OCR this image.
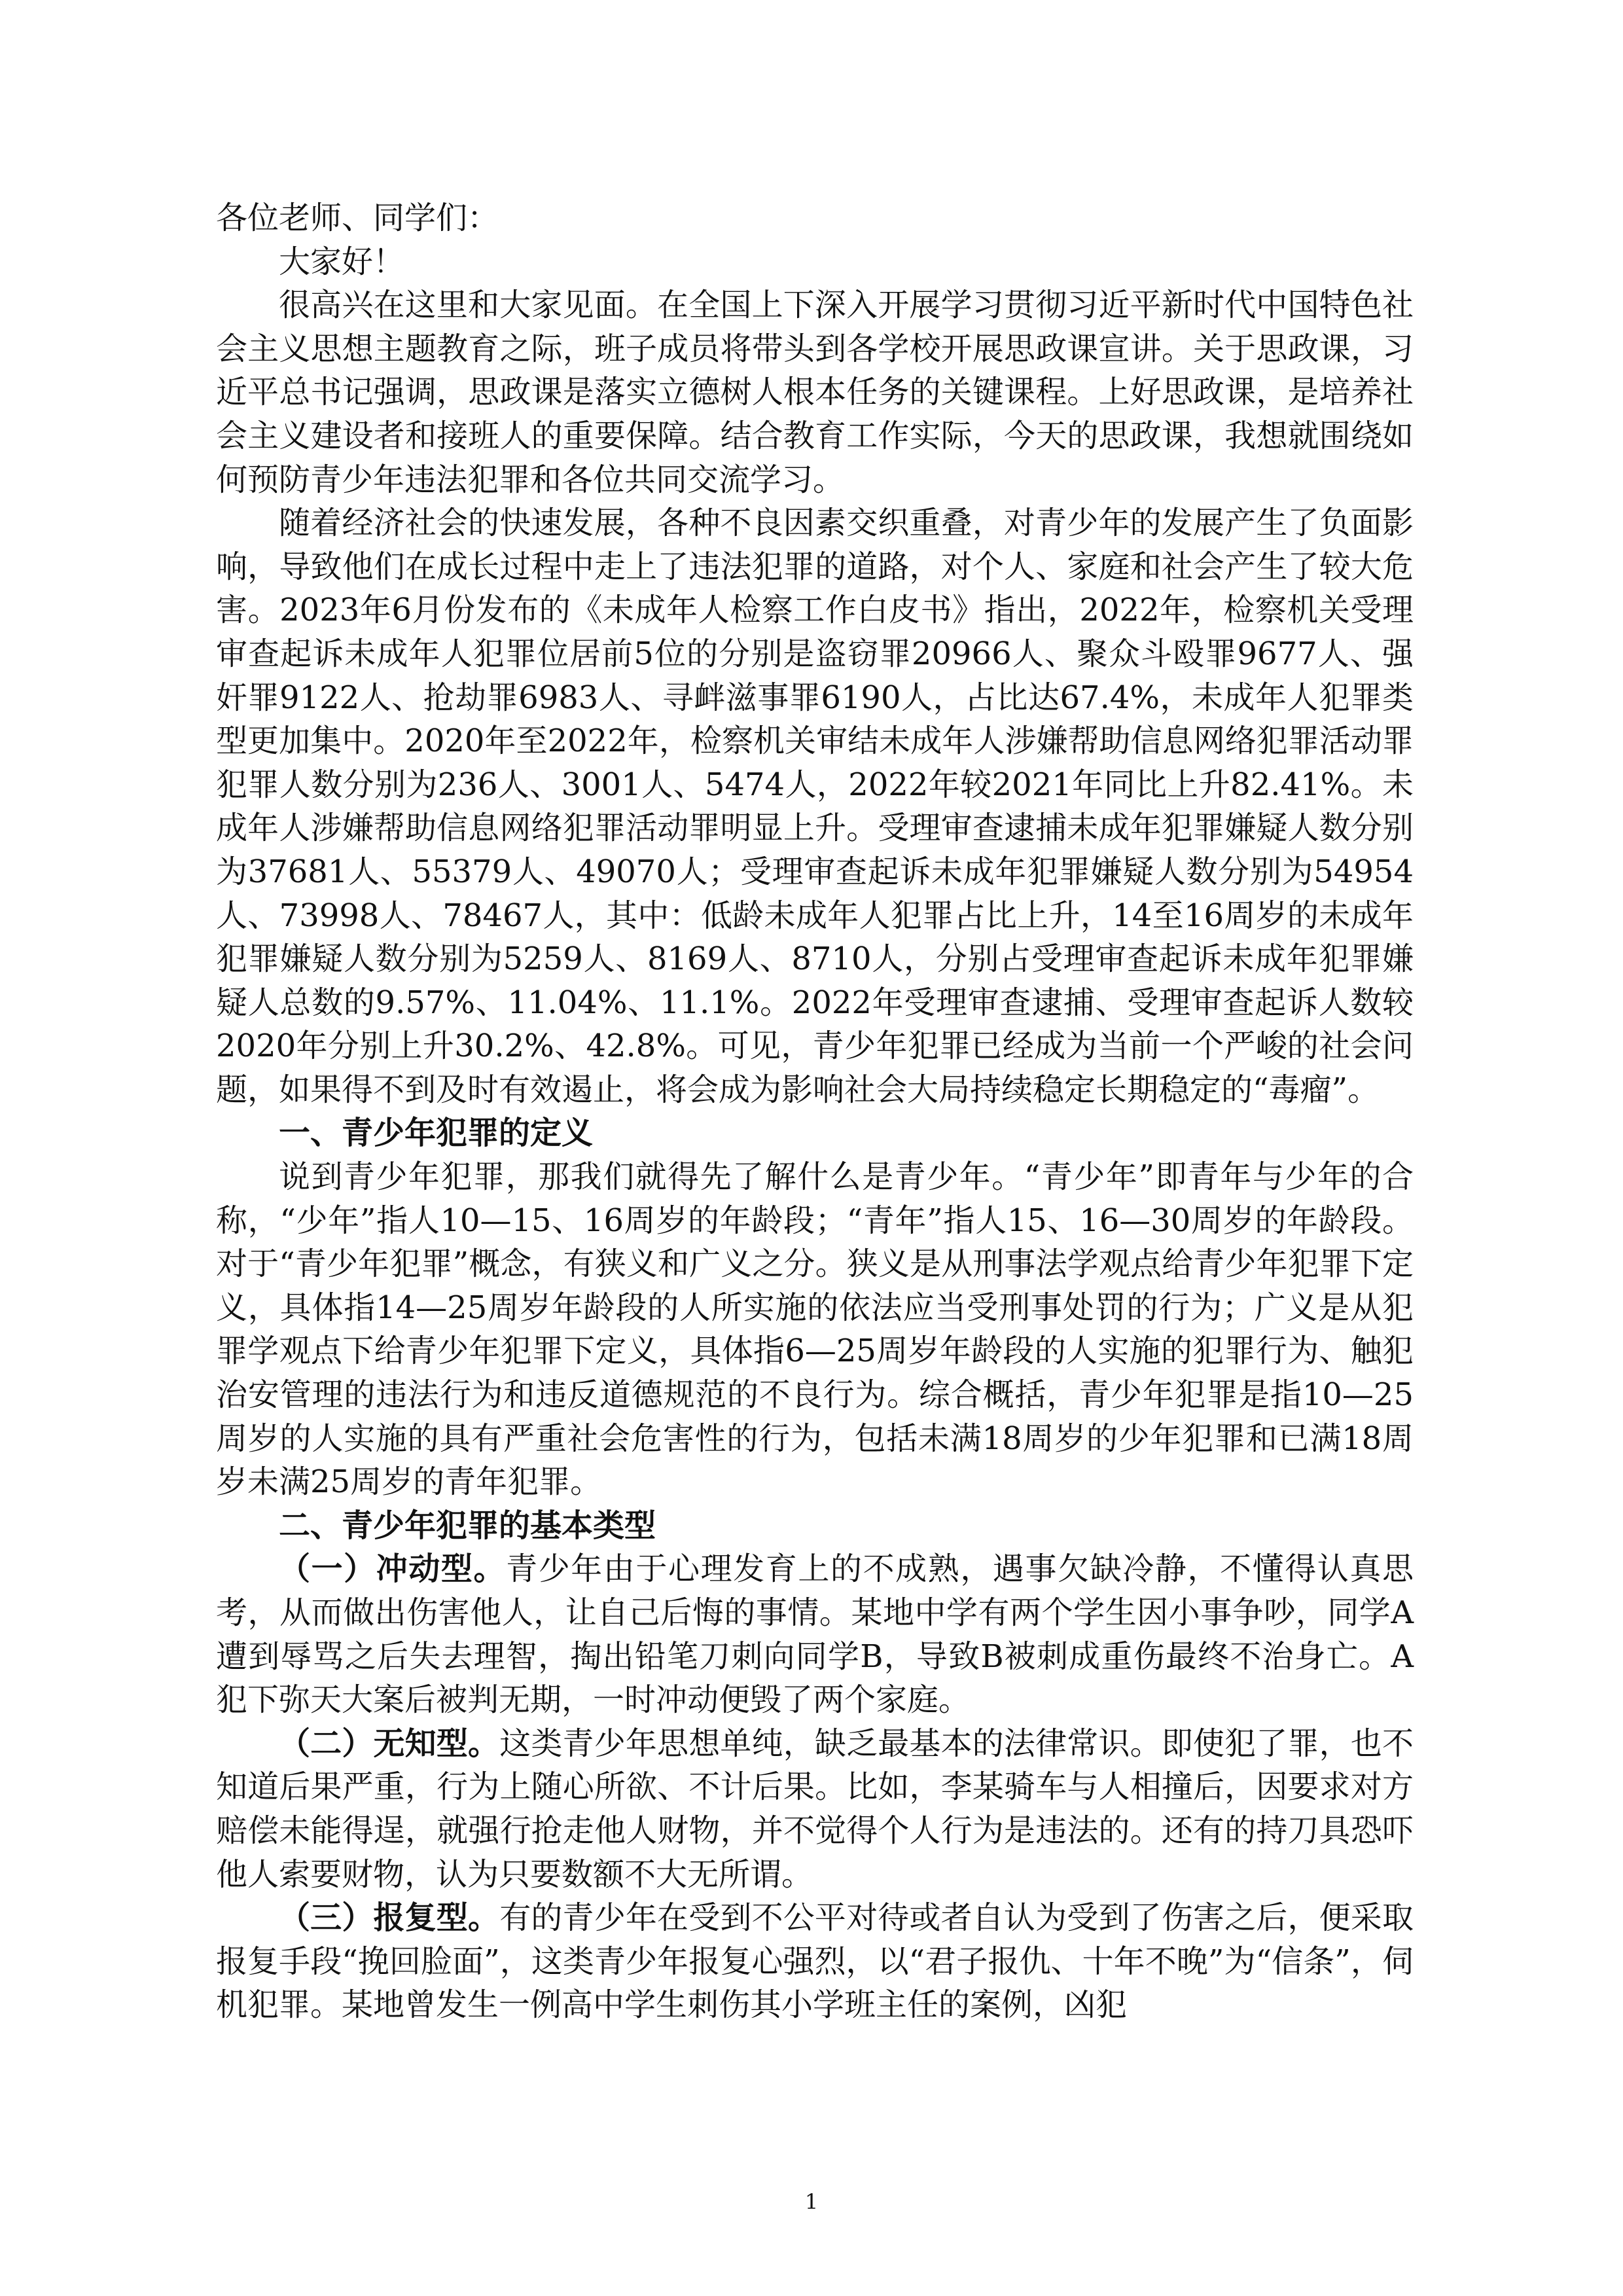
各位老师、同学们：

大家好！

很高兴在这里和大家见面。在全国上下深入开展学习贯彻习近平新时代中国特色社会主义思想主题教育之际，班子成员将带头到各学校开展思政课宣讲。关于思政课，习近平总书记强调，思政课是落实立德树人根本任务的关键课程。上好思政课，是培养社会主义建设者和接班人的重要保障。结合教育工作实际，今天的思政课，我想就围绕如何预防青少年违法犯罪和各位共同交流学习。

随着经济社会的快速发展，各种不良因素交织重叠，对青少年的发展产生了负面影响，导致他们在成长过程中走上了违法犯罪的道路，对个人、家庭和社会产生了较大危害。2023年6月份发布的《未成年人检察工作白皮书》指出，2022年，检察机关受理审查起诉未成年人犯罪位居前5位的分别是盗窃罪20966人、聚众斗殴罪9677人、强奸罪9122人、抢劫罪6983人、寻衅滋事罪6190人，占比达67.4%，未成年人犯罪类型更加集中。2020年至2022年，检察机关审结未成年人涉嫌帮助信息网络犯罪活动罪犯罪人数分别为236人、3001人、5474人，2022年较2021年同比上升82.41%。未成年人涉嫌帮助信息网络犯罪活动罪明显上升。受理审查逮捕未成年犯罪嫌疑人数分别为37681人、55379人、49070人；受理审查起诉未成年犯罪嫌疑人数分别为54954人、73998人、78467人，其中：低龄未成年人犯罪占比上升，14至16周岁的未成年犯罪嫌疑人数分别为5259人、8169人、8710人，分别占受理审查起诉未成年犯罪嫌疑人总数的9.57%、11.04%、11.1%。2022年受理审查逮捕、受理审查起诉人数较2020年分别上升30.2%、42.8%。可见，青少年犯罪已经成为当前一个严峻的社会问题，如果得不到及时有效遏止，将会成为影响社会大局持续稳定长期稳定的“毒瘤”。

一、青少年犯罪的定义

说到青少年犯罪，那我们就得先了解什么是青少年。“青少年”即青年与少年的合称，“少年”指人10—15、16周岁的年龄段；“青年”指人15、16—30周岁的年龄段。对于“青少年犯罪”概念，有狭义和广义之分。狭义是从刑事法学观点给青少年犯罪下定义，具体指14—25周岁年龄段的人所实施的依法应当受刑事处罚的行为；广义是从犯罪学观点下给青少年犯罪下定义，具体指6—25周岁年龄段的人实施的犯罪行为、触犯治安管理的违法行为和违反道德规范的不良行为。综合概括，青少年犯罪是指10—25周岁的人实施的具有严重社会危害性的行为，包括未满18周岁的少年犯罪和已满18周岁未满25周岁的青年犯罪。

二、青少年犯罪的基本类型

（一）冲动型。青少年由于心理发育上的不成熟，遇事欠缺冷静，不懂得认真思考，从而做出伤害他人，让自己后悔的事情。某地中学有两个学生因小事争吵，同学A遭到辱骂之后失去理智，掏出铅笔刀刺向同学B，导致B被刺成重伤最终不治身亡。A犯下弥天大案后被判无期，一时冲动便毁了两个家庭。

（二）无知型。这类青少年思想单纯，缺乏最基本的法律常识。即使犯了罪，也不知道后果严重，行为上随心所欲、不计后果。比如，李某骑车与人相撞后，因要求对方赔偿未能得逞，就强行抢走他人财物，并不觉得个人行为是违法的。还有的持刀具恐吓他人索要财物，认为只要数额不大无所谓。

（三）报复型。有的青少年在受到不公平对待或者自认为受到了伤害之后，便采取报复手段“挽回脸面”，这类青少年报复心强烈，以“君子报仇、十年不晚”为“信条”，伺机犯罪。某地曾发生一例高中学生刺伤其小学班主任的案例，凶犯

1
